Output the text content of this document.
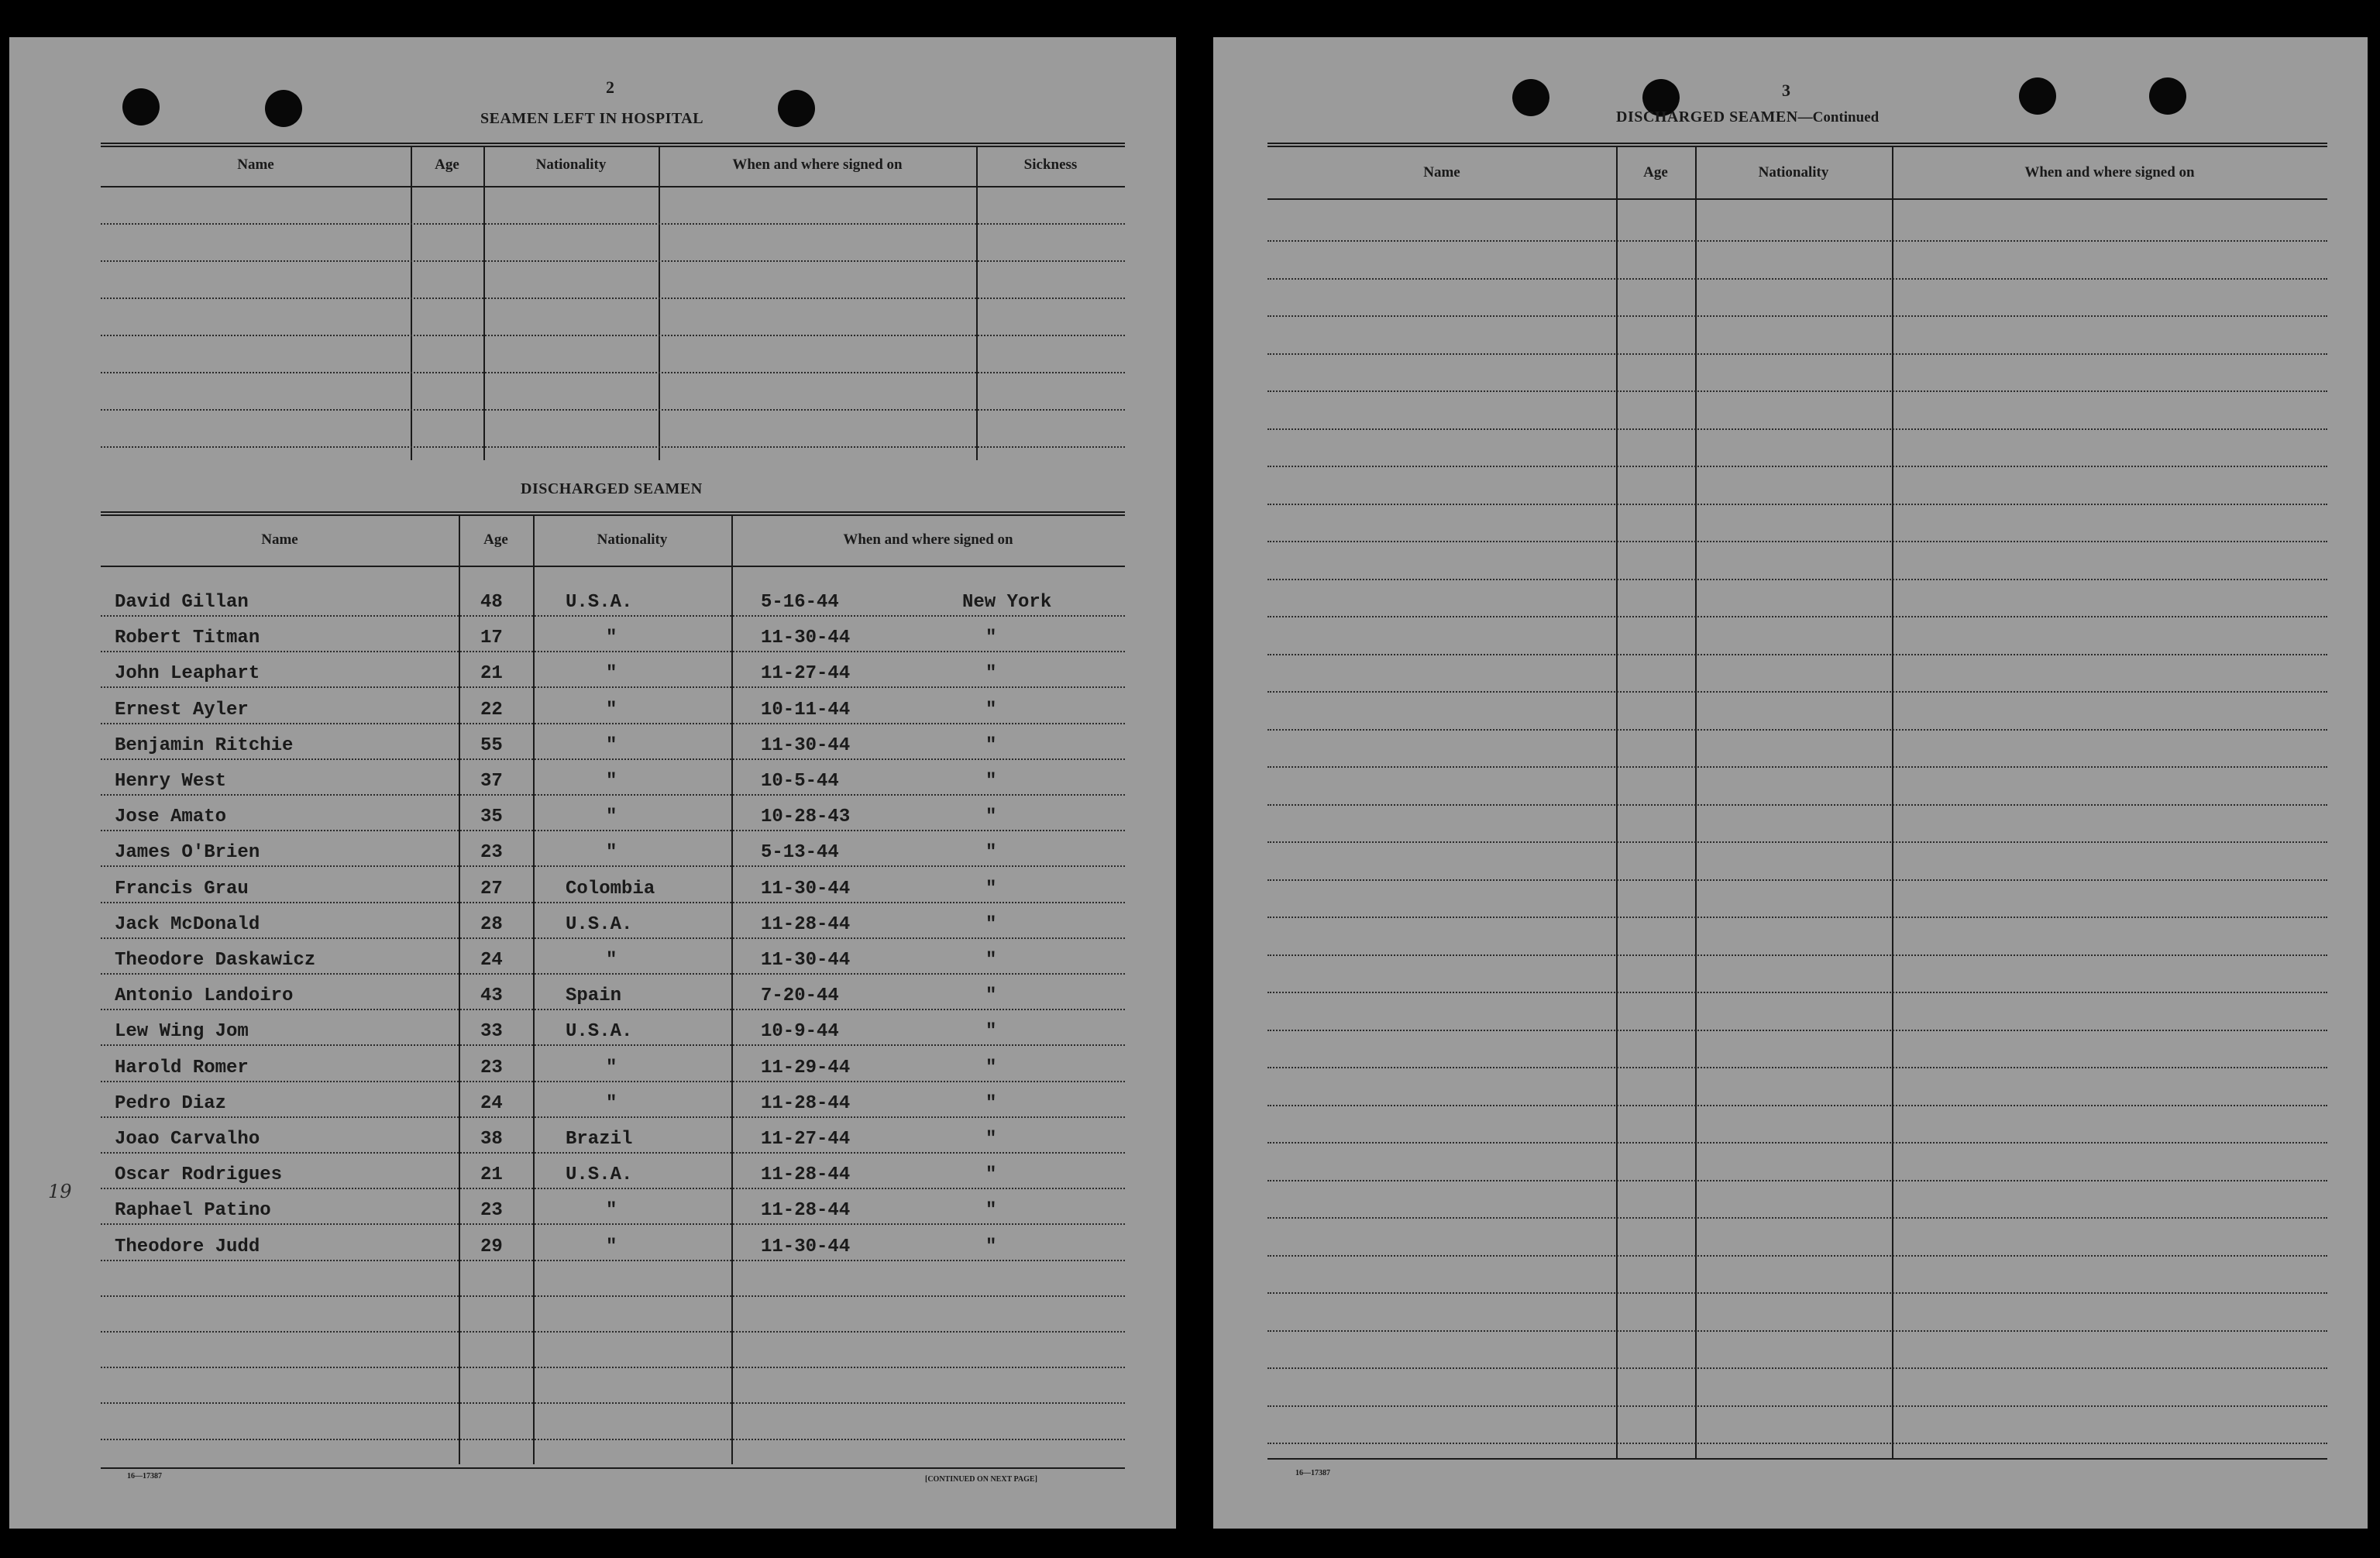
2
SEAMEN LEFT IN HOSPITAL
Name	Age	Nationality	When and where signed on	Sickness
DISCHARGED SEAMEN
Name	Age	Nationality	When and where signed on
David Gillan	48	U.S.A.	5-16-44	New York
Robert Titman	17	"	11-30-44	"
John Leaphart	21	"	11-27-44	"
Ernest Ayler	22	"	10-11-44	"
Benjamin Ritchie	55	"	11-30-44	"
Henry West	37	"	10-5-44	"
Jose Amato	35	"	10-28-43	"
James O'Brien	23	"	5-13-44	"
Francis Grau	27	Colombia	11-30-44	"
Jack McDonald	28	U.S.A.	11-28-44	"
Theodore Daskawicz	24	"	11-30-44	"
Antonio Landoiro	43	Spain	7-20-44	"
Lew Wing Jom	33	U.S.A.	10-9-44	"
Harold Romer	23	"	11-29-44	"
Pedro Diaz	24	"	11-28-44	"
Joao Carvalho	38	Brazil	11-27-44	"
Oscar Rodrigues	21	U.S.A.	11-28-44	"
Raphael Patino	23	"	11-28-44	"
Theodore Judd	29	"	11-30-44	"
19
16—17387	[CONTINUED ON NEXT PAGE]
3
DISCHARGED SEAMEN—Continued
Name	Age	Nationality	When and where signed on
16—17387
